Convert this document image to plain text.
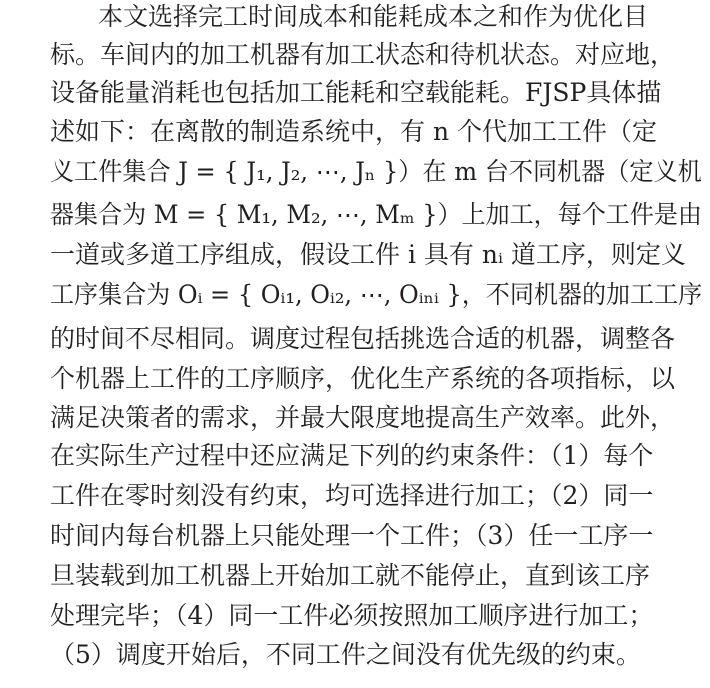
本文选择完工时间成本和能耗成本之和作为优化目
标。车间内的加工机器有加工状态和待机状态。对应地，
设备能量消耗也包括加工能耗和空载能耗。FJSP具体描
述如下：在离散的制造系统中，有 n 个代加工工件（定
义工件集合 J = { J₁, J₂, ⋯, Jₙ }）在 m 台不同机器（定义机
器集合为 M = { M₁, M₂, ⋯, Mₘ }）上加工，每个工件是由
一道或多道工序组成，假设工件 i 具有 nᵢ 道工序，则定义
工序集合为 Oᵢ = { Oᵢ₁, Oᵢ₂, ⋯, Oᵢₙᵢ }，不同机器的加工工序
的时间不尽相同。调度过程包括挑选合适的机器，调整各
个机器上工件的工序顺序，优化生产系统的各项指标，以
满足决策者的需求，并最大限度地提高生产效率。此外，
在实际生产过程中还应满足下列的约束条件：（1）每个
工件在零时刻没有约束，均可选择进行加工；（2）同一
时间内每台机器上只能处理一个工件；（3）任一工序一
旦装载到加工机器上开始加工就不能停止，直到该工序
处理完毕；（4）同一工件必须按照加工顺序进行加工；
（5）调度开始后，不同工件之间没有优先级的约束。
